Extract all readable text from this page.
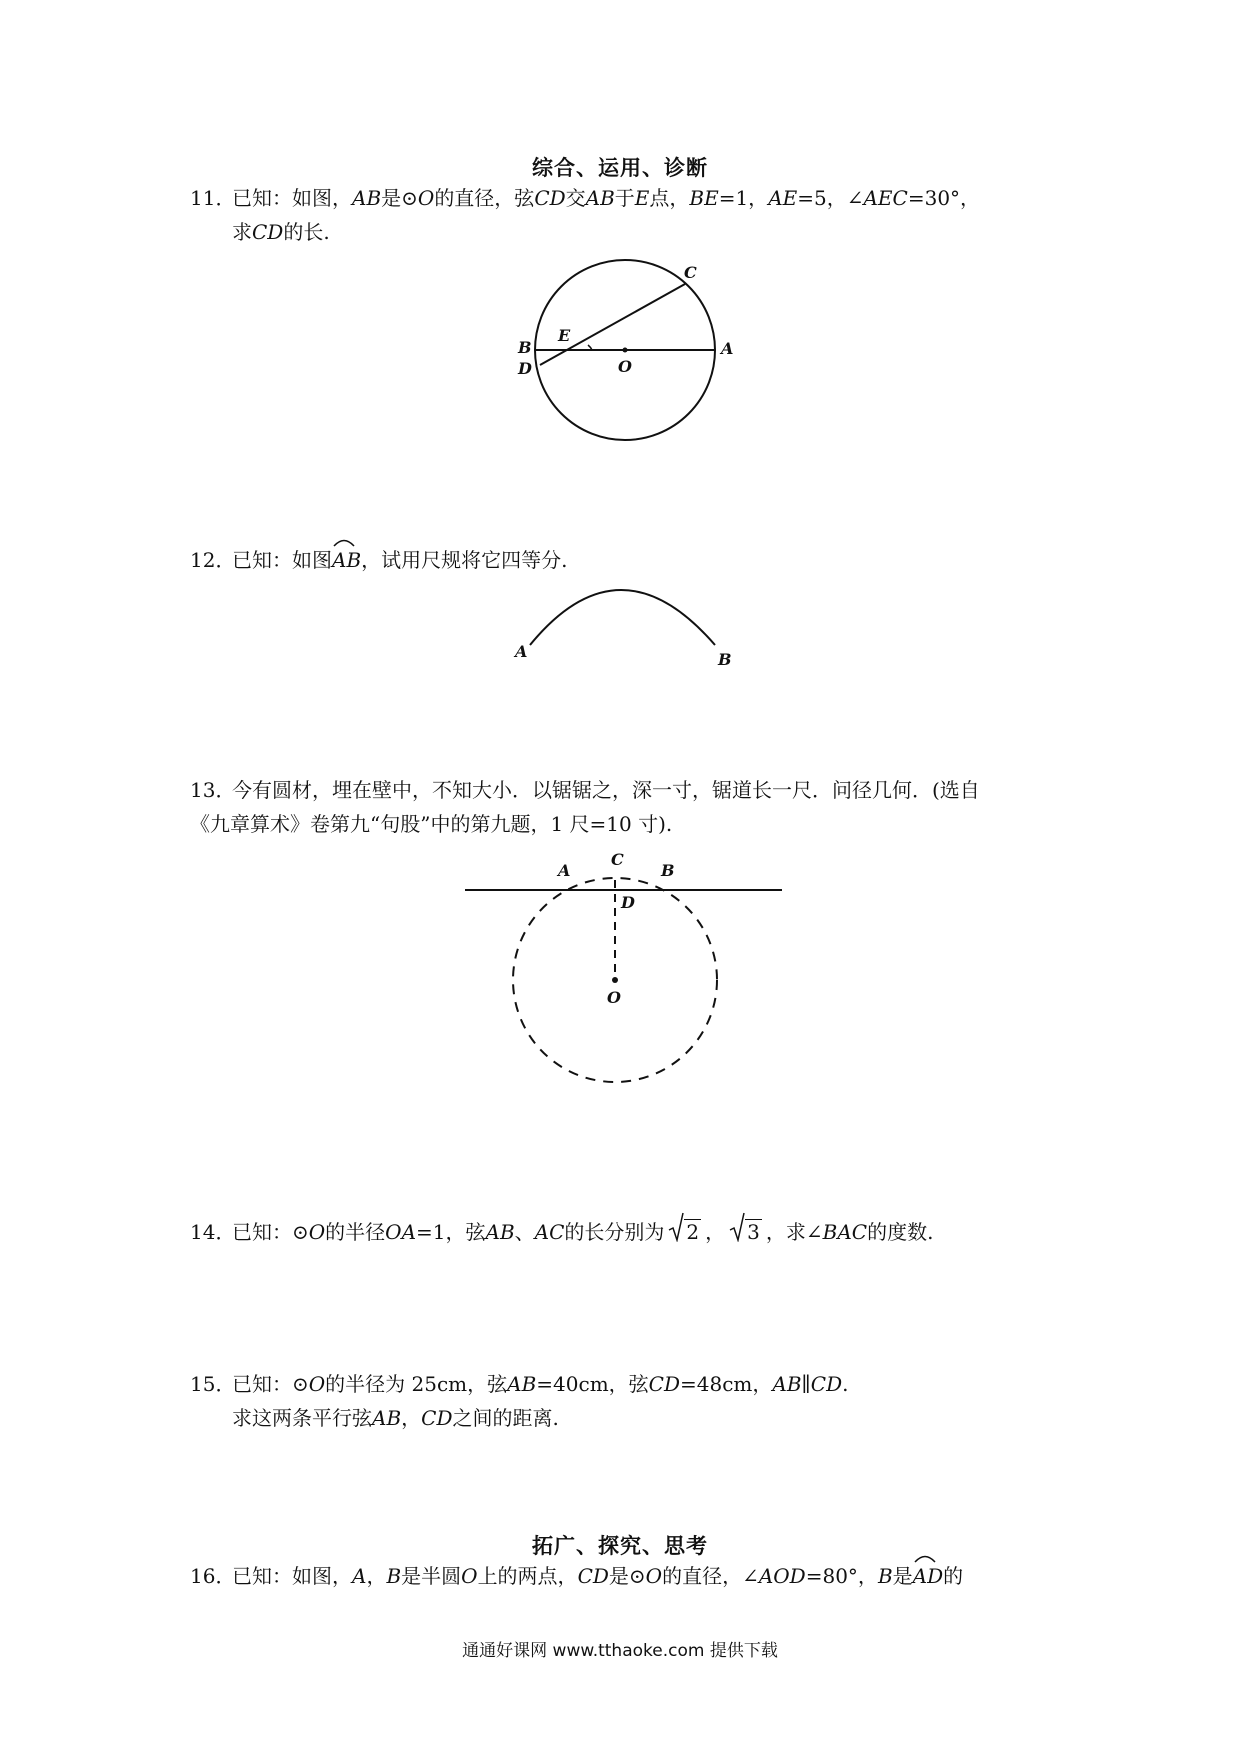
综合、运用、诊断
11．已知：如图，AB是⊙O的直径，弦CD交AB于E点，BE=1，AE=5，∠AEC=30°，
求CD的长.
C
E
B
D	O
A
12．已知：如图
AB，试用尺规将它四等分.
A	B
13．今有圆材，埋在壁中，不知大小．以锯锯之，深一寸，锯道长一尺．问径几何．(选自
《九章算术》卷第九“句股”中的第九题，1 尺=10 寸).
A
C
B
D
O
14．已知：⊙O的半径OA=1，弦AB、AC的长分别为 2 ， 3 ，求∠BAC的度数.
15．已知：⊙O的半径为 25cm，弦AB=40cm，弦CD=48cm，AB∥CD.
求这两条平行弦AB，CD之间的距离.
拓广、探究、思考
16．已知：如图，A，B是半圆O上的两点，CD是⊙O的直径，∠AOD=80°，B是
AD的
通通好课网 www.tthaoke.com 提供下载
